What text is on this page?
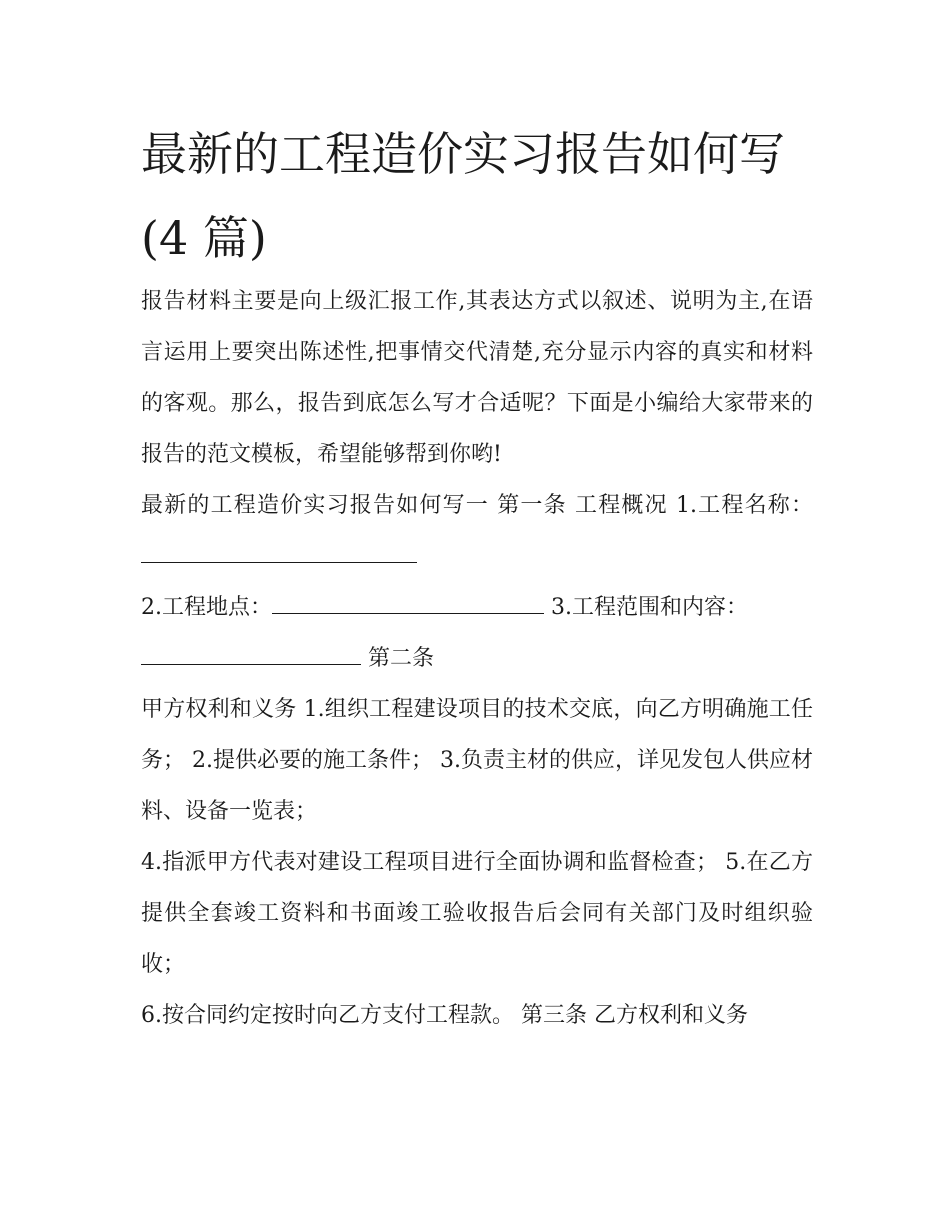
最新的工程造价实习报告如何写(4 篇)

报告材料主要是向上级汇报工作,其表达方式以叙述、说明为主,在语言运用上要突出陈述性,把事情交代清楚,充分显示内容的真实和材料的客观。那么，报告到底怎么写才合适呢？下面是小编给大家带来的报告的范文模板，希望能够帮到你哟!

最新的工程造价实习报告如何写一 第一条 工程概况 1.工程名称：

2.工程地点：	3.工程范围和内容：
第二条

甲方权利和义务 1.组织工程建设项目的技术交底，向乙方明确施工任务； 2.提供必要的施工条件； 3.负责主材的供应，详见发包人供应材料、设备一览表；

4.指派甲方代表对建设工程项目进行全面协调和监督检查； 5.在乙方提供全套竣工资料和书面竣工验收报告后会同有关部门及时组织验收；

6.按合同约定按时向乙方支付工程款。 第三条 乙方权利和义务
